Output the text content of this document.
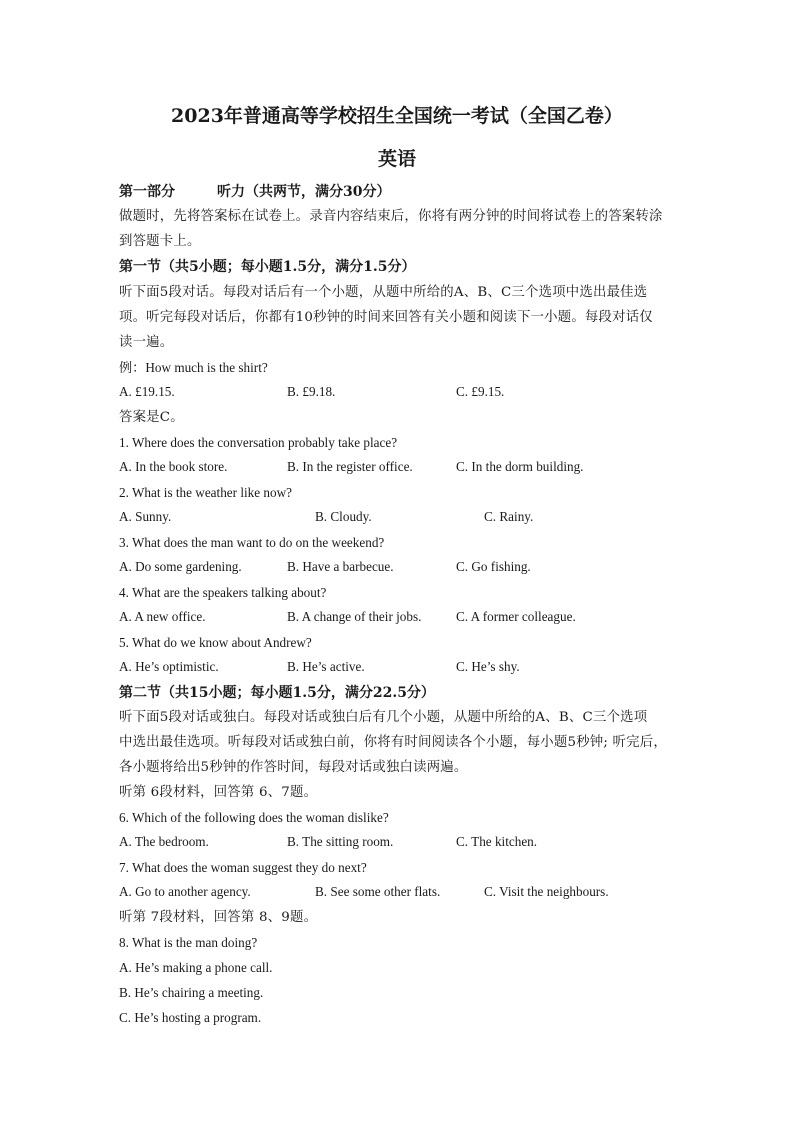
2023年普通高等学校招生全国统一考试（全国乙卷）
英语
第一部分	听力（共两节，满分30分）
做题时，先将答案标在试卷上。录音内容结束后，你将有两分钟的时间将试卷上的答案转涂
到答题卡上。
第一节（共5小题；每小题1.5分，满分1.5分）
听下面5段对话。每段对话后有一个小题，从题中所给的A、B、C三个选项中选出最佳选
项。听完每段对话后，你都有10秒钟的时间来回答有关小题和阅读下一小题。每段对话仅
读一遍。
例：How much is the shirt?
A. £19.15.	B. £9.18.	C. £9.15.
答案是C。
1. Where does the conversation probably take place?
A. In the book store.	B. In the register office.	C. In the dorm building.
2. What is the weather like now?
A. Sunny.	B. Cloudy.	C. Rainy.
3. What does the man want to do on the weekend?
A. Do some gardening.	B. Have a barbecue.	C. Go fishing.
4. What are the speakers talking about?
A. A new office.	B. A change of their jobs.	C. A former colleague.
5. What do we know about Andrew?
A. He’s optimistic.	B. He’s active.	C. He’s shy.
第二节（共15小题；每小题1.5分，满分22.5分）
听下面5段对话或独白。每段对话或独白后有几个小题，从题中所给的A、B、C三个选项
中选出最佳选项。听每段对话或独白前，你将有时间阅读各个小题，每小题5秒钟; 听完后，
各小题将给出5秒钟的作答时间，每段对话或独白读两遍。
听第 6段材料，回答第 6、7题。
6. Which of the following does the woman dislike?
A. The bedroom.	B. The sitting room.	C. The kitchen.
7. What does the woman suggest they do next?
A. Go to another agency.	B. See some other flats.	C. Visit the neighbours.
听第 7段材料，回答第 8、9题。
8. What is the man doing?
A. He’s making a phone call.
B. He’s chairing a meeting.
C. He’s hosting a program.
